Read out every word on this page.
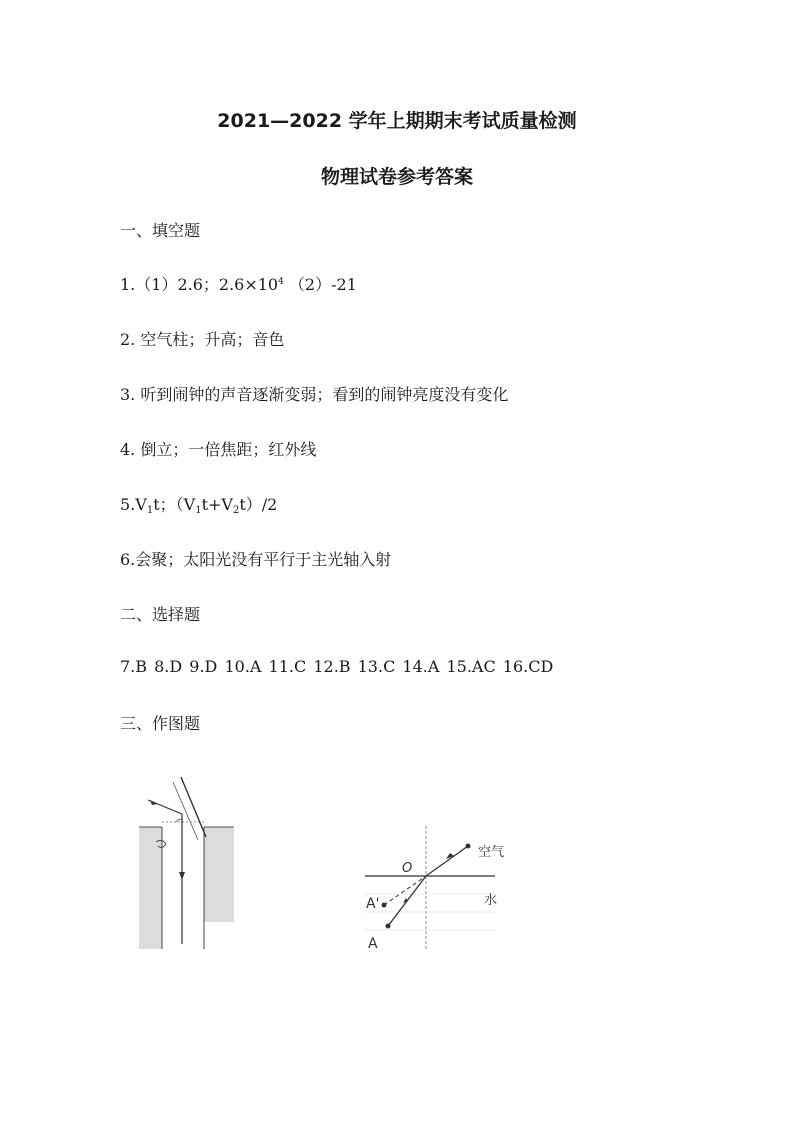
2021—2022 学年上期期末考试质量检测
物理试卷参考答案
一、填空题
1.（1）2.6；$2.6\times 10^4$ （2）-21
2. 空气柱；升高；音色
3. 听到闹钟的声音逐渐变弱；看到的闹钟亮度没有变化
4. 倒立；一倍焦距；红外线
$5.V_1t$；$(V_1t+V_2t)/2$
6.会聚；太阳光没有平行于主光轴入射
二、选择题
7.B 8.D 9.D 10.A 11.C 12.B 13.C 14.A 15.AC 16.CD
三、作图题
O
空气
水
A'
A
